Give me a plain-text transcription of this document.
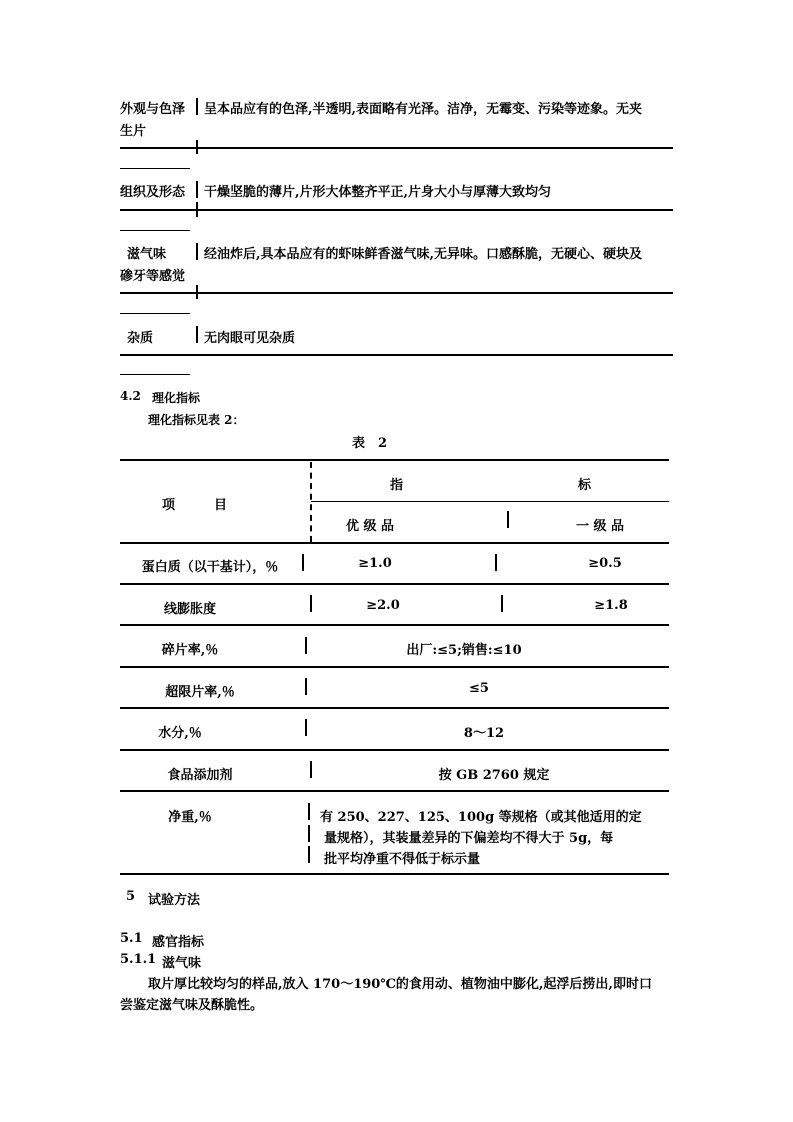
外观与色泽 呈本品应有的色泽,半透明,表面略有光泽。洁净，无霉变、污染等迹象。无夹
生片
组织及形态 干燥坚脆的薄片,片形大体整齐平正,片身大小与厚薄大致均匀
滋气味	经油炸后,具本品应有的虾味鲜香滋气味,无异味。口感酥脆，无硬心、硬块及
碜牙等感觉
杂质	无肉眼可见杂质
4.2 理化指标
理化指标见表 2：
表　2
项　　　目
指	标
优 级 品	一 级 品
蛋白质（以干基计），％	≥1.0	≥0.5
线膨胀度	≥2.0	≥1.8
碎片率,％	出厂:≤5;销售:≤10
超限片率,％	≤5
水分,％	8～12
食品添加剂	按 GB 2760 规定
净重,％	有 250、227、125、100g 等规格（或其他适用的定
量规格），其装量差异的下偏差均不得大于 5g，每
批平均净重不得低于标示量
5 试验方法
5.1 感官指标
5.1.1 滋气味
取片厚比较均匀的样品,放入 170～190℃的食用动、植物油中膨化,起浮后捞出,即时口
尝鉴定滋气味及酥脆性。
